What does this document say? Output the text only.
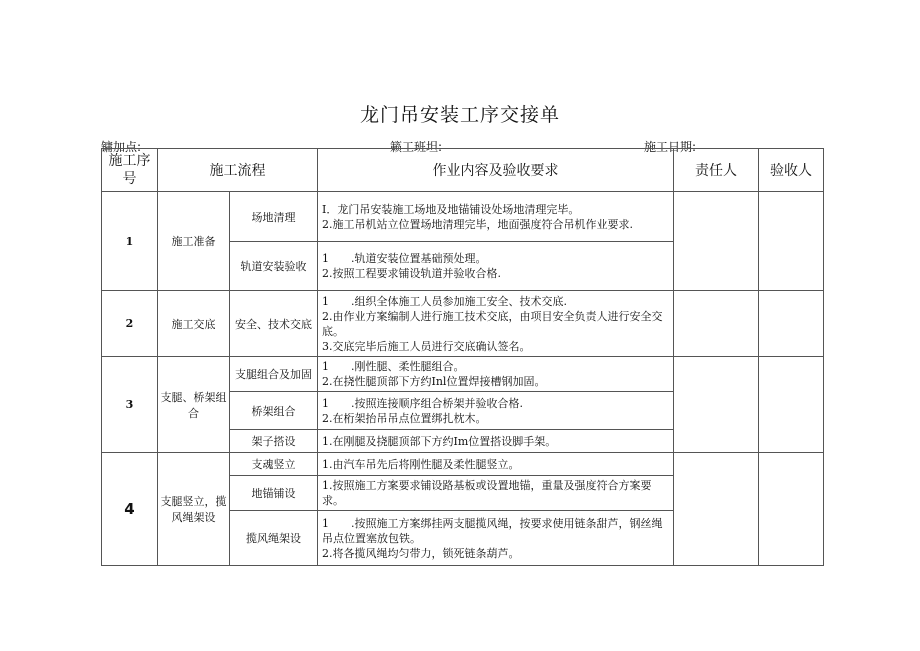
龙门吊安装工序交接单
镛加点:	籁工班坦:	施工日期:
施工序号	施工流程		作业内容及验收要求	责任人	验收人
1	施工准备	场地清理	I．龙门吊安装施工场地及地锚铺设处场地清理完毕。
2.施工吊机站立位置场地清理完毕，地面强度符合吊机作业要求.		

		轨道安装验收	1　　.轨道安装位置基础预处理。
2.按照工程要求铺设轨道并验收合格.		

2	施工交底	安全、技术交底	1　　.组织全体施工人员参加施工安全、技术交底.
2.由作业方案编制人进行施工技术交底，由项目安全负责人进行安全交底。
3.交底完毕后施工人员进行交底确认签名。		

3	支腿、桥架组合	支腿组合及加固	1　　.刚性腿、柔性腿组合。
2.在挠性腿顶部下方约Inl位置焊接槽钢加固。		

		桥架组合	1　　.按照连接顺序组合桥架并验收合格.
2.在桁架抬吊吊点位置绑扎枕木。		

		架子搭设	1.在刚腿及挠腿顶部下方约Im位置搭设脚手架。		

4	支腿竖立，揽风绳架设	支魂竖立	1.由汽车吊先后将刚性腿及柔性腿竖立。		

		地锚铺设	1.按照施工方案要求铺设路基板或设置地锚，重量及强度符合方案要求。		

		揽风绳架设	1　　.按照施工方案绑挂两支腿揽风绳，按要求使用链条甜芦，钢丝绳吊点位置塞放包铁。
2.将各揽风绳均匀带力，锁死链条葫芦。		
